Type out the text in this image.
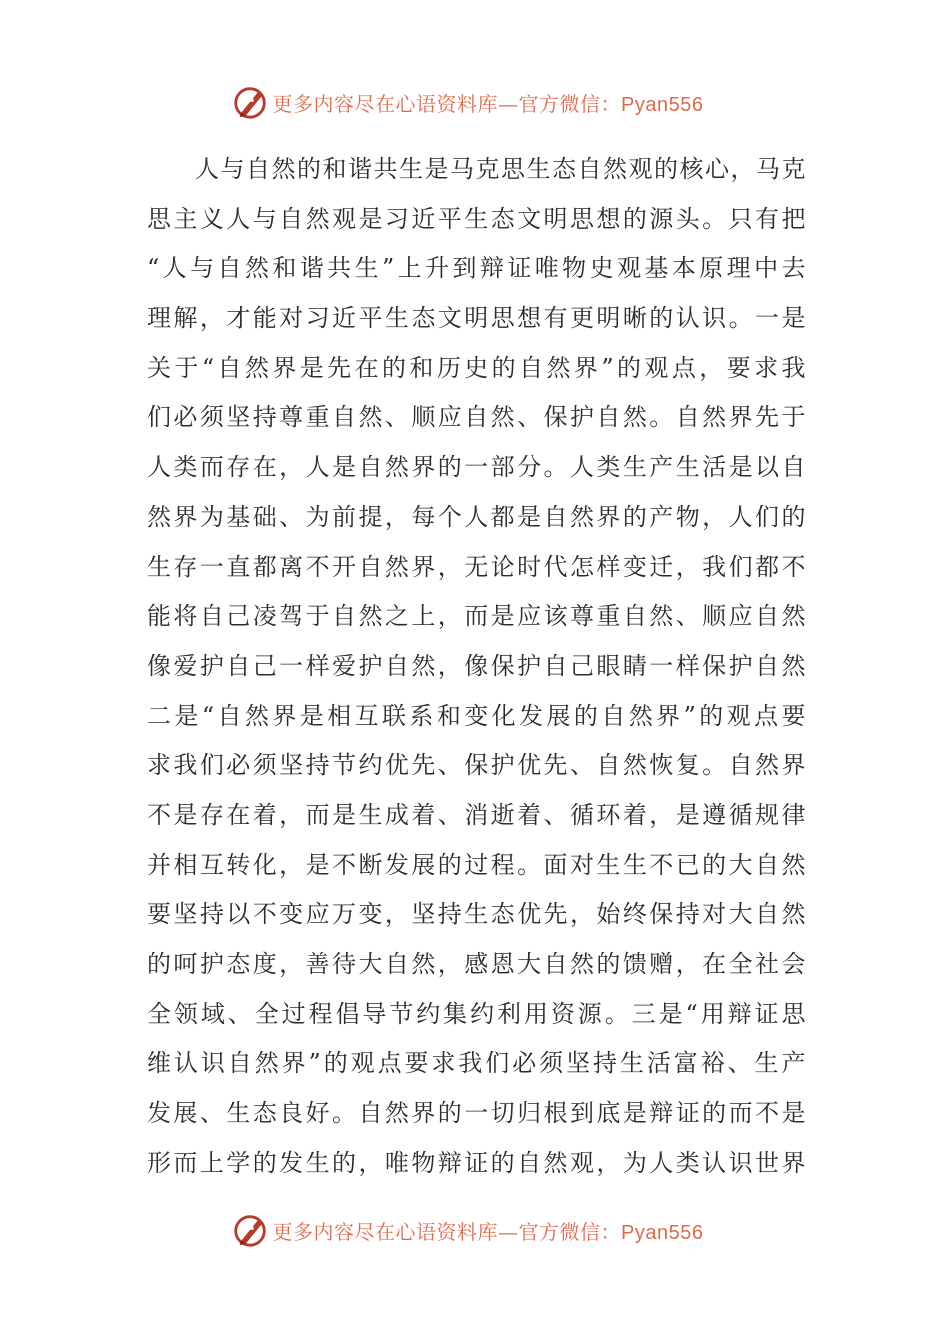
更多内容尽在心语资料库—官方微信：Pyan556
人与自然的和谐共生是马克思生态自然观的核心，马克
思主义人与自然观是习近平生态文明思想的源头。只有把
“人与自然和谐共生”上升到辩证唯物史观基本原理中去
理解，才能对习近平生态文明思想有更明晰的认识。一是
关于“自然界是先在的和历史的自然界”的观点，要求我
们必须坚持尊重自然、顺应自然、保护自然。自然界先于
人类而存在，人是自然界的一部分。人类生产生活是以自
然界为基础、为前提，每个人都是自然界的产物，人们的
生存一直都离不开自然界，无论时代怎样变迁，我们都不
能将自己凌驾于自然之上，而是应该尊重自然、顺应自然
像爱护自己一样爱护自然，像保护自己眼睛一样保护自然
二是“自然界是相互联系和变化发展的自然界”的观点要
求我们必须坚持节约优先、保护优先、自然恢复。自然界
不是存在着，而是生成着、消逝着、循环着，是遵循规律
并相互转化，是不断发展的过程。面对生生不已的大自然
要坚持以不变应万变，坚持生态优先，始终保持对大自然
的呵护态度，善待大自然，感恩大自然的馈赠，在全社会
全领域、全过程倡导节约集约利用资源。三是“用辩证思
维认识自然界”的观点要求我们必须坚持生活富裕、生产
发展、生态良好。自然界的一切归根到底是辩证的而不是
形而上学的发生的，唯物辩证的自然观，为人类认识世界
更多内容尽在心语资料库—官方微信：Pyan556
